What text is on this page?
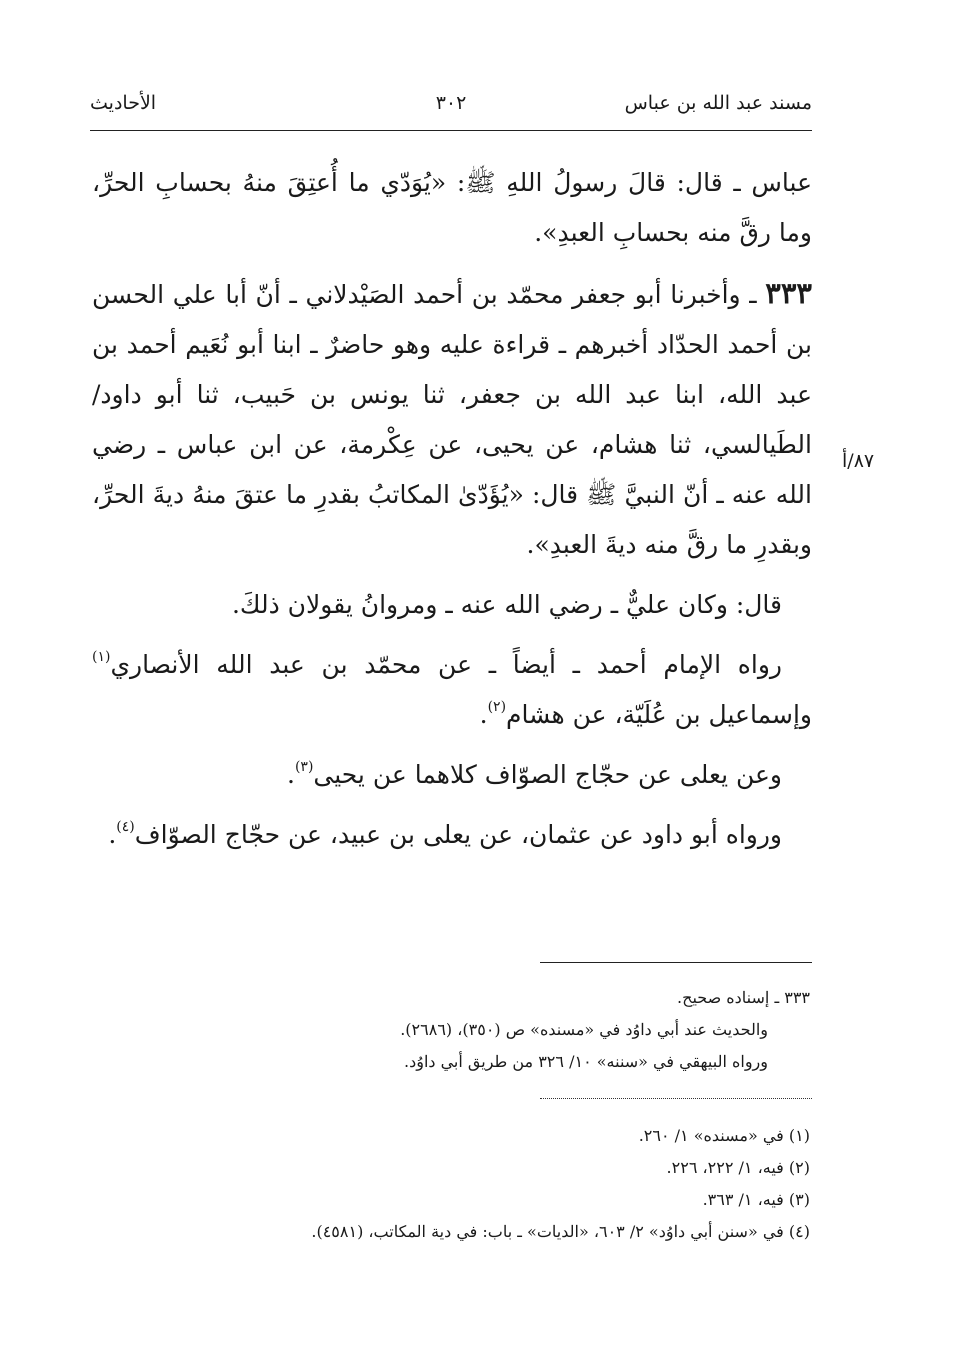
مسند عبد الله بن عباس
٣٠٢
الأحاديث
٨٧/أ

عباس ـ قال: قالَ رسولُ اللهِ ﷺ: «يُوَدّي ما أُعتِقَ منهُ بحسابِ الحرِّ، وما رقَّ منه بحسابِ العبدِ».

٣٣٣ ـ وأخبرنا أبو جعفر محمّد بن أحمد الصَيْدلاني ـ أنّ أبا علي الحسن بن أحمد الحدّاد أخبرهم ـ قراءة عليه وهو حاضرٌ ـ ابنا أبو نُعَيم أحمد بن عبد الله، ابنا عبد الله بن جعفر، ثنا يونس بن حَبيب، ثنا أبو داود/ الطَيالسي، ثنا هشام، عن يحيى، عن عِكْرمة، عن ابن عباس ـ رضي الله عنه ـ أنّ النبيَّ ﷺ قال: «يُؤَدّىٰ المكاتبُ بقدرِ ما عتقَ منهُ ديةَ الحرِّ، وبقدرِ ما رقَّ منه ديةَ العبدِ».

قال: وكان عليٌّ ـ رضي الله عنه ـ ومروانُ يقولان ذلكَ.

رواه الإمام أحمد ـ أيضاً ـ عن محمّد بن عبد الله الأنصاري$^{(١)}$ وإسماعيل بن عُلَيّة، عن هشام$^{(٢)}$.

وعن يعلى عن حجّاج الصوّاف كلاهما عن يحيى$^{(٣)}$.

ورواه أبو داود عن عثمان، عن يعلى بن عبيد، عن حجّاج الصوّاف$^{(٤)}$.

٣٣٣ ـ إسناده صحيح.
والحديث عند أبي داوُد في «مسنده» ص (٣٥٠)، (٢٦٨٦).
ورواه البيهقي في «سننه» ١٠/ ٣٢٦ من طريق أبي داوُد.
(١) في «مسنده» ١/ ٢٦٠.
(٢) فيه، ١/ ٢٢٢، ٢٢٦.
(٣) فيه، ١/ ٣٦٣.
(٤) في «سنن أبي داوُد» ٢/ ٦٠٣، «الديات» ـ باب: في دية المكاتب، (٤٥٨١).
